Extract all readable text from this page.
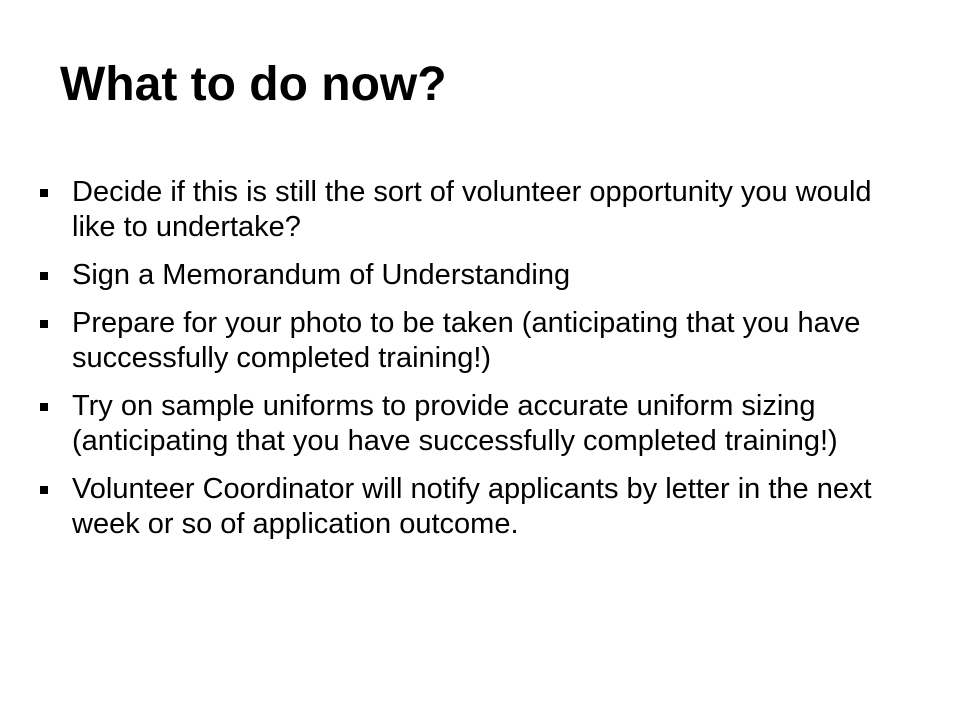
What to do now?
Decide if this is still the sort of volunteer opportunity you would like to undertake?
Sign a Memorandum of Understanding
Prepare for your photo to be taken (anticipating that you have successfully completed training!)
Try on sample uniforms to provide accurate uniform sizing (anticipating that you have successfully completed training!)
Volunteer Coordinator will notify applicants by letter in the next week or so of application outcome.
